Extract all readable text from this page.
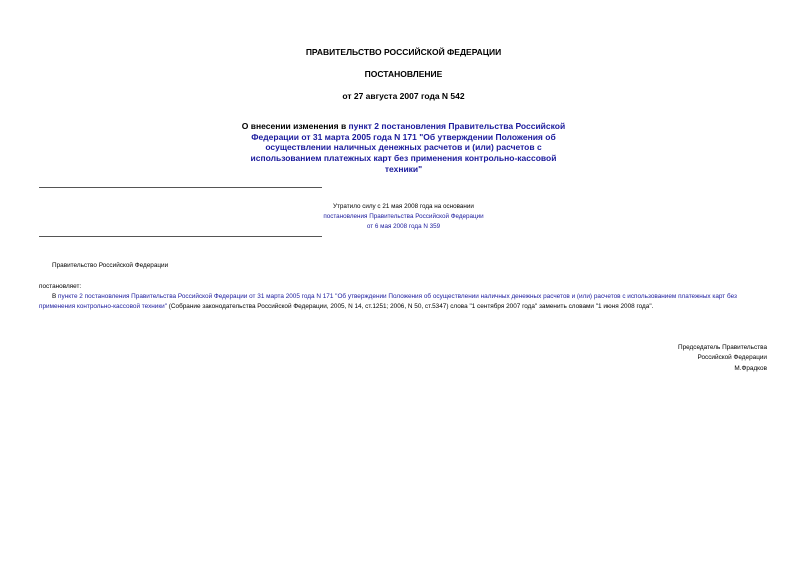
ПРАВИТЕЛЬСТВО РОССИЙСКОЙ ФЕДЕРАЦИИ
ПОСТАНОВЛЕНИЕ
от 27 августа 2007 года N 542
О внесении изменения в пункт 2 постановления Правительства Российской Федерации от 31 марта 2005 года N 171 "Об утверждении Положения об осуществлении наличных денежных расчетов и (или) расчетов с использованием платежных карт без применения контрольно-кассовой техники"
Утратило силу с 21 мая 2008 года на основании
постановления Правительства Российской Федерации
от 6 мая 2008 года N 359
Правительство Российской Федерации
постановляет:
В пункте 2 постановления Правительства Российской Федерации от 31 марта 2005 года N 171 "Об утверждении Положения об осуществлении наличных денежных расчетов и (или) расчетов с использованием платежных карт без применения контрольно-кассовой техники" (Собрание законодательства Российской Федерации, 2005, N 14, ст.1251; 2006, N 50, ст.5347) слова "1 сентября 2007 года" заменить словами "1 июня 2008 года".
Председатель Правительства
Российской Федерации
М.Фрадков
